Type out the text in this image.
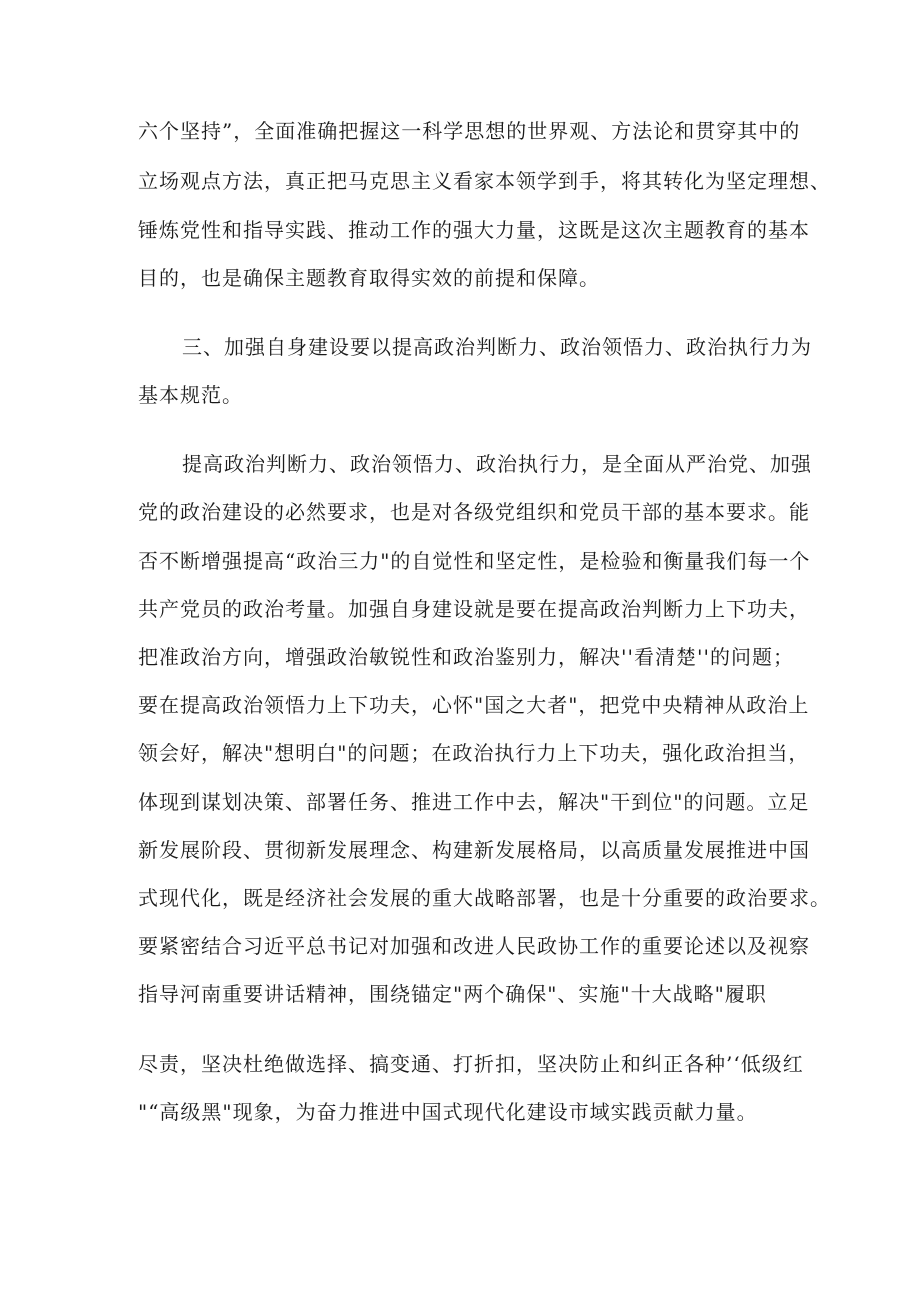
六个坚持”，全面准确把握这一科学思想的世界观、方法论和贯穿其中的
立场观点方法，真正把马克思主义看家本领学到手，将其转化为坚定理想、
锤炼党性和指导实践、推动工作的强大力量，这既是这次主题教育的基本
目的，也是确保主题教育取得实效的前提和保障。
三、加强自身建设要以提高政治判断力、政治领悟力、政治执行力为
基本规范。
提高政治判断力、政治领悟力、政治执行力，是全面从严治党、加强
党的政治建设的必然要求，也是对各级党组织和党员干部的基本要求。能
否不断增强提高“政治三力"的自觉性和坚定性，是检验和衡量我们每一个
共产党员的政治考量。加强自身建设就是要在提高政治判断力上下功夫，
把准政治方向，增强政治敏锐性和政治鉴别力，解决''看清楚''的问题；
要在提高政治领悟力上下功夫，心怀"国之大者"，把党中央精神从政治上
领会好，解决"想明白"的问题；在政治执行力上下功夫，强化政治担当，
体现到谋划决策、部署任务、推进工作中去，解决"干到位"的问题。立足
新发展阶段、贯彻新发展理念、构建新发展格局，以高质量发展推进中国
式现代化，既是经济社会发展的重大战略部署，也是十分重要的政治要求。
要紧密结合习近平总书记对加强和改进人民政协工作的重要论述以及视察
指导河南重要讲话精神，围绕锚定"两个确保"、实施"十大战略"履职
尽责，坚决杜绝做选择、搞变通、打折扣，坚决防止和纠正各种’‘低级红
"“高级黑"现象，为奋力推进中国式现代化建设市域实践贡献力量。
